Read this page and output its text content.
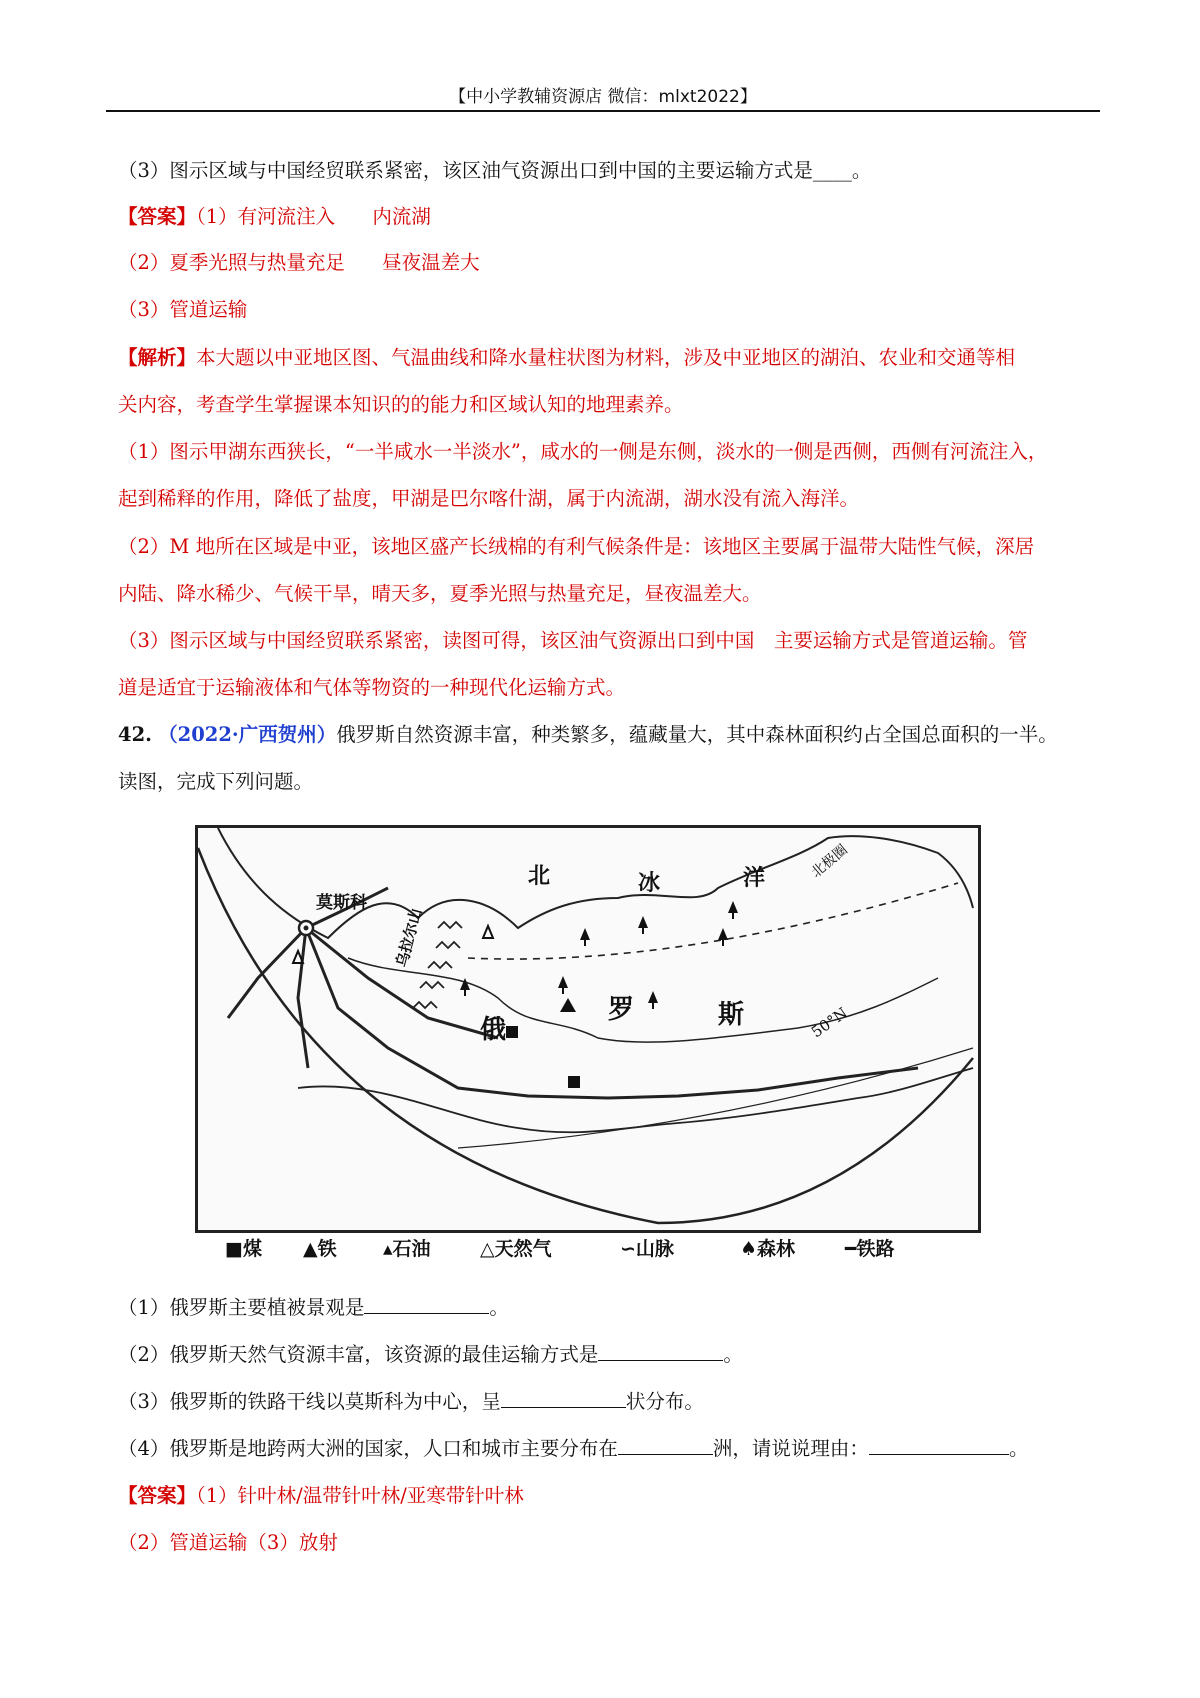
【中小学教辅资源店 微信：mlxt2022】
（3）图示区域与中国经贸联系紧密，该区油气资源出口到中国的主要运输方式是____。
【答案】（1）有河流注入 内流湖
（2）夏季光照与热量充足 昼夜温差大
（3）管道运输
【解析】本大题以中亚地区图、气温曲线和降水量柱状图为材料，涉及中亚地区的湖泊、农业和交通等相
关内容，考查学生掌握课本知识的的能力和区域认知的地理素养。
（1）图示甲湖东西狭长，“一半咸水一半淡水”，咸水的一侧是东侧，淡水的一侧是西侧，西侧有河流注入，
起到稀释的作用，降低了盐度，甲湖是巴尔喀什湖，属于内流湖，湖水没有流入海洋。
（2）M 地所在区域是中亚，该地区盛产长绒棉的有利气候条件是：该地区主要属于温带大陆性气候，深居
内陆、降水稀少、气候干旱，晴天多，夏季光照与热量充足，昼夜温差大。
（3）图示区域与中国经贸联系紧密，读图可得，该区油气资源出口到中国　主要运输方式是管道运输。管
道是适宜于运输液体和气体等物资的一种现代化运输方式。
42. （2022·广西贺州）俄罗斯自然资源丰富，种类繁多，蕴藏量大，其中森林面积约占全国总面积的一半。
读图，完成下列问题。
莫斯科
北	冰	洋
俄
罗	斯
乌拉尔山
50°N
北极圈
■煤 ▲铁 ▴石油	△天然气	∽山脉	♠森林	━铁路
（1）俄罗斯主要植被景观是	。
（2）俄罗斯天然气资源丰富，该资源的最佳运输方式是	。
（3）俄罗斯的铁路干线以莫斯科为中心，呈	状分布。
（4）俄罗斯是地跨两大洲的国家，人口和城市主要分布在	洲，请说说理由：	。
【答案】（1）针叶林/温带针叶林/亚寒带针叶林
（2）管道运输（3）放射
